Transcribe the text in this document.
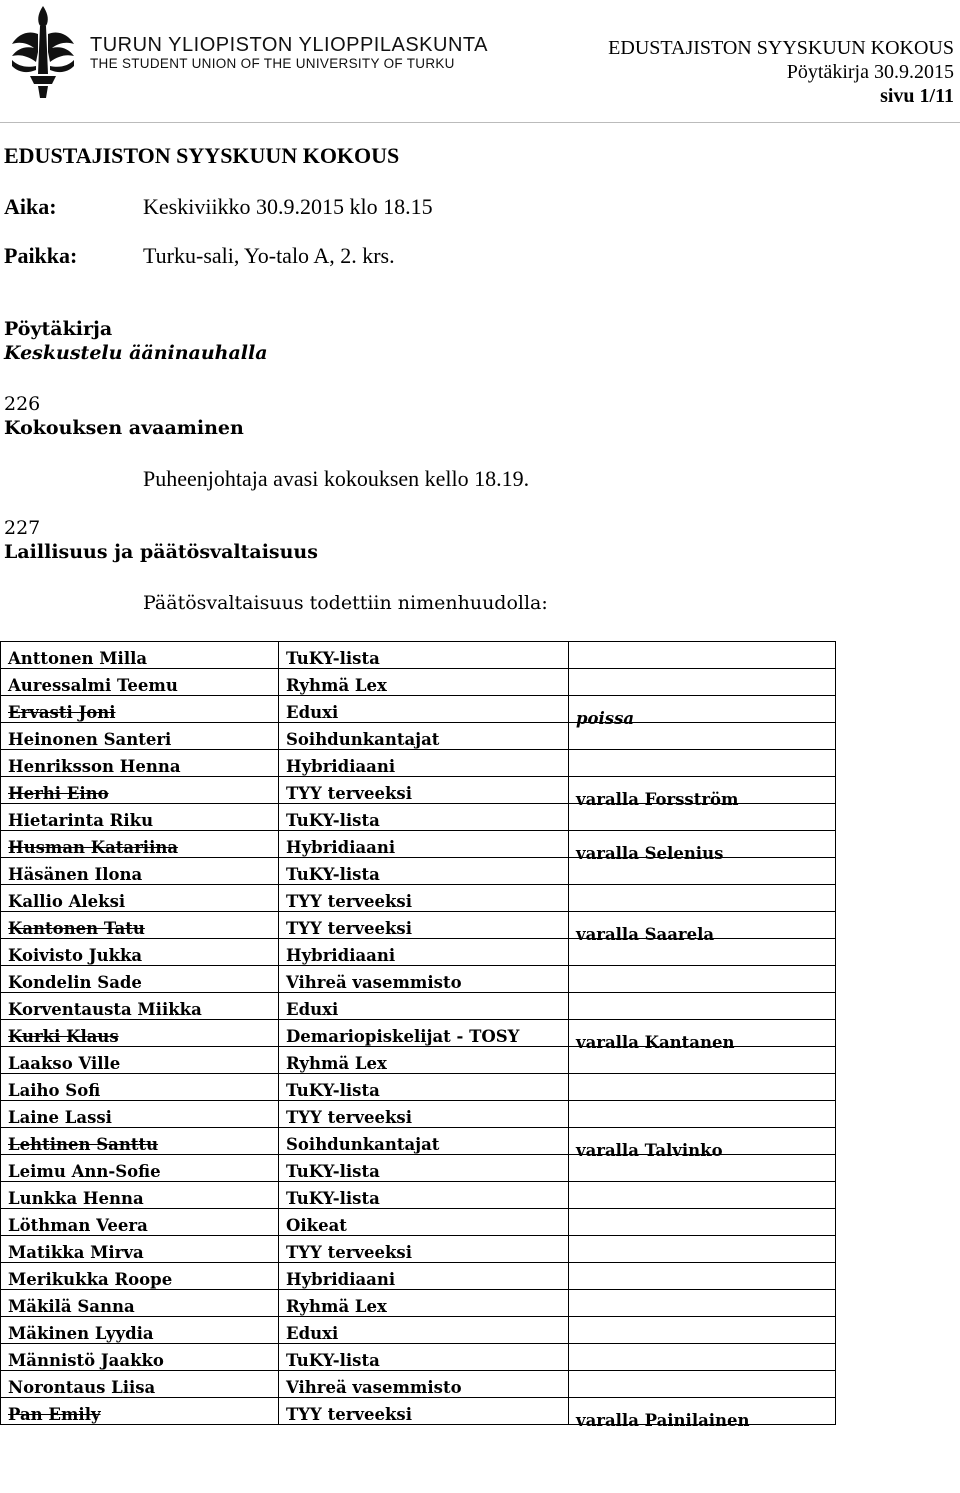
TURUN YLIOPISTON YLIOPPILASKUNTA
THE STUDENT UNION OF THE UNIVERSITY OF TURKU
EDUSTAJISTON SYYSKUUN KOKOUS
Pöytäkirja 30.9.2015
sivu 1/11
EDUSTAJISTON SYYSKUUN KOKOUS
Aika:	Keskiviikko 30.9.2015 klo 18.15
Paikka:	Turku-sali, Yo-talo A, 2. krs.
Pöytäkirja
Keskustelu ääninauhalla
226
Kokouksen avaaminen
Puheenjohtaja avasi kokouksen kello 18.19.
227
Laillisuus ja päätösvaltaisuus
Päätösvaltaisuus todettiin nimenhuudolla:
Anttonen Milla	TuKY-lista	
Auressalmi Teemu	Ryhmä Lex	
Ervasti Joni	Eduxi	poissa
Heinonen Santeri	Soihdunkantajat	
Henriksson Henna	Hybridiaani	
Herhi Eino	TYY terveeksi	varalla Forsström
Hietarinta Riku	TuKY-lista	
Husman Katariina	Hybridiaani	varalla Selenius
Häsänen Ilona	TuKY-lista	
Kallio Aleksi	TYY terveeksi	
Kantonen Tatu	TYY terveeksi	varalla Saarela
Koivisto Jukka	Hybridiaani	
Kondelin Sade	Vihreä vasemmisto	
Korventausta Miikka	Eduxi	
Kurki Klaus	Demariopiskelijat - TOSY	varalla Kantanen
Laakso Ville	Ryhmä Lex	
Laiho Sofi	TuKY-lista	
Laine Lassi	TYY terveeksi	
Lehtinen Santtu	Soihdunkantajat	varalla Talvinko
Leimu Ann-Sofie	TuKY-lista	
Lunkka Henna	TuKY-lista	
Löthman Veera	Oikeat	
Matikka Mirva	TYY terveeksi	
Merikukka Roope	Hybridiaani	
Mäkilä Sanna	Ryhmä Lex	
Mäkinen Lyydia	Eduxi	
Männistö Jaakko	TuKY-lista	
Norontaus Liisa	Vihreä vasemmisto	
Pan Emily	TYY terveeksi	varalla Painilainen
